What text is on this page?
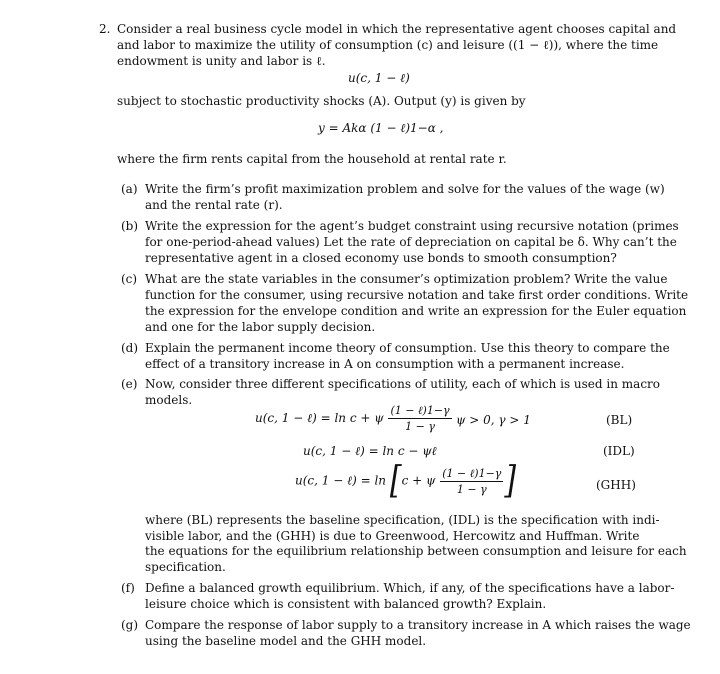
2. Consider a real business cycle model in which the representative agent chooses capital and
and labor to maximize the utility of consumption (c) and leisure ((1 − ℓ)), where the time
endowment is unity and labor is ℓ.
u(c, 1 − ℓ)
subject to stochastic productivity shocks (A). Output (y) is given by
y = Akα (1 − ℓ)1−α ,
where the firm rents capital from the household at rental rate r.
(a) Write the firm’s profit maximization problem and solve for the values of the wage (w)
and the rental rate (r).
(b) Write the expression for the agent’s budget constraint using recursive notation (primes
for one-period-ahead values) Let the rate of depreciation on capital be δ. Why can’t the
representative agent in a closed economy use bonds to smooth consumption?
(c) What are the state variables in the consumer’s optimization problem? Write the value
function for the consumer, using recursive notation and take first order conditions. Write
the expression for the envelope condition and write an expression for the Euler equation
and one for the labor supply decision.
(d) Explain the permanent income theory of consumption. Use this theory to compare the
effect of a transitory increase in A on consumption with a permanent increase.
(e) Now, consider three different specifications of utility, each of which is used in macro
models.
u(c, 1 − ℓ) = ln c + ψ $\frac{\text{(1 − ℓ)1−γ}}{1 - \gamma}$ ψ > 0, γ > 1	(BL)
u(c, 1 − ℓ) = ln c − ψℓ	(IDL)
u(c, 1 − ℓ) = ln [c + ψ $\frac{\text{(1 − ℓ)1−γ}}{1 - \gamma}$ ]	(GHH)
where (BL) represents the baseline specification, (IDL) is the specification with indi-
visible labor, and the (GHH) is due to Greenwood, Hercowitz and Huffman. Write
the equations for the equilibrium relationship between consumption and leisure for each
specification.
(f) Define a balanced growth equilibrium. Which, if any, of the specifications have a labor-
leisure choice which is consistent with balanced growth? Explain.
(g) Compare the response of labor supply to a transitory increase in A which raises the wage
using the baseline model and the GHH model.
